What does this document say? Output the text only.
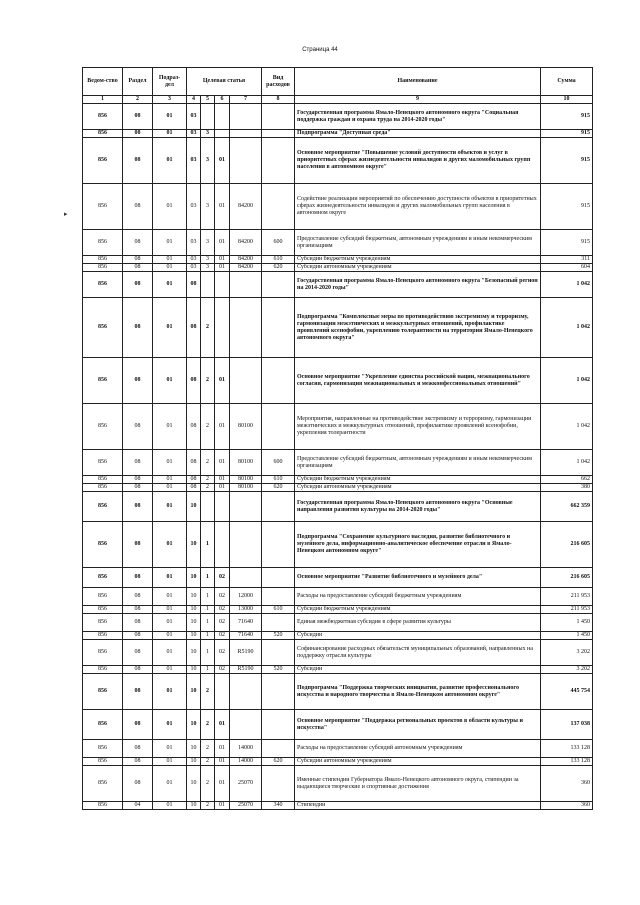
Страница 44
▸
Ведом-ство	Раздел	Подраз-дел	Целевая статья				Вид расходов	Наименование	Сумма
1	2	3	4	5	6	7	8	9	10
856	08	01	03					Государственная программа Ямало-Ненецкого автономного округа "Социальная поддержка граждан и охрана труда на 2014-2020 годы"	915
856	08	01	03	3				Подпрограмма "Доступная среда"	915
856	08	01	03	3	01			Основное мероприятие "Повышение условий доступности объектов и услуг в приоритетных сферах жизнедеятельности инвалидов и других маломобильных групп населения в автономном округе"	915
856	08	01	03	3	01	84200		Содействие реализации мероприятий по обеспечению доступности объектов в приоритетных сферах жизнедеятельности инвалидов и других маломобильных групп населения в автономном округе	915
856	08	01	03	3	01	84200	600	Предоставление субсидий бюджетным, автономным учреждениям и иным некоммерческим организациям	915
856	08	01	03	3	01	84200	610	Субсидии бюджетным учреждениям	311
856	08	01	03	3	01	84200	620	Субсидии автономным учреждениям	604
856	08	01	08					Государственная программа Ямало-Ненецкого автономного округа "Безопасный регион на 2014-2020 годы"	1 042
856	08	01	08	2				Подпрограмма "Комплексные меры по противодействию экстремизму и терроризму, гармонизации межэтнических и межкультурных отношений, профилактике проявлений ксенофобии, укреплению толерантности на территории Ямало-Ненецкого автономного округа"	1 042
856	08	01	08	2	01			Основное мероприятие "Укрепление единства российской нации, межнационального согласия, гармонизация межнациональных и межконфессиональных отношений"	1 042
856	08	01	08	2	01	80100		Мероприятия, направленные на противодействие экстремизму и терроризму, гармонизации межэтнических и межкультурных отношений, профилактике проявлений ксенофобии, укрепления толерантности	1 042
856	08	01	08	2	01	80100	600	Предоставление субсидий бюджетным, автономным учреждениям и иным некоммерческим организациям	1 042
856	08	01	08	2	01	80100	610	Субсидии бюджетным учреждениям	662
856	08	01	08	2	01	80100	620	Субсидии автономным учреждениям	380
856	08	01	10					Государственная программа Ямало-Ненецкого автономного округа "Основные направления развития культуры на 2014-2020 годы"	662 359
856	08	01	10	1				Подпрограмма "Сохранение культурного наследия, развитие библиотечного и музейного дела, информационно-аналитическое обеспечение отрасли в Ямало-Ненецком автономном округе"	216 605
856	08	01	10	1	02			Основное мероприятие "Развитие библиотечного и музейного дела"	216 605
856	08	01	10	1	02	12000		Расходы на предоставление субсидий бюджетным учреждениям	211 953
856	08	01	10	1	02	13000	610	Субсидии бюджетным учреждениям	211 953
856	08	01	10	1	02	71640		Единая межбюджетная субсидия в сфере развития культуры	1 450
856	08	01	10	1	02	71640	520	Субсидии	1 450
856	08	01	10	1	02	R5190		Софинансирование расходных обязательств муниципальных образований, направленных на поддержку отрасли культуры	3 202
856	08	01	10	1	02	R5190	520	Субсидии	3 202
856	08	01	10	2				Подпрограмма "Поддержка творческих инициатив, развитие профессионального искусства и народного творчества в Ямало-Ненецком автономном округе"	445 754
856	08	01	10	2	01			Основное мероприятие "Поддержка региональных проектов в области культуры и искусства"	137 038
856	08	01	10	2	01	14000		Расходы на предоставление субсидий автономным учреждениям	133 128
856	08	01	10	2	01	14000	620	Субсидии автономным учреждениям	133 128
856	08	01	10	2	01	25070		Именные стипендии Губернатора Ямало-Ненецкого автономного округа, стипендии за выдающиеся творческие и спортивные достижения	360
856	04	01	10	2	01	25070	340	Стипендии	360
